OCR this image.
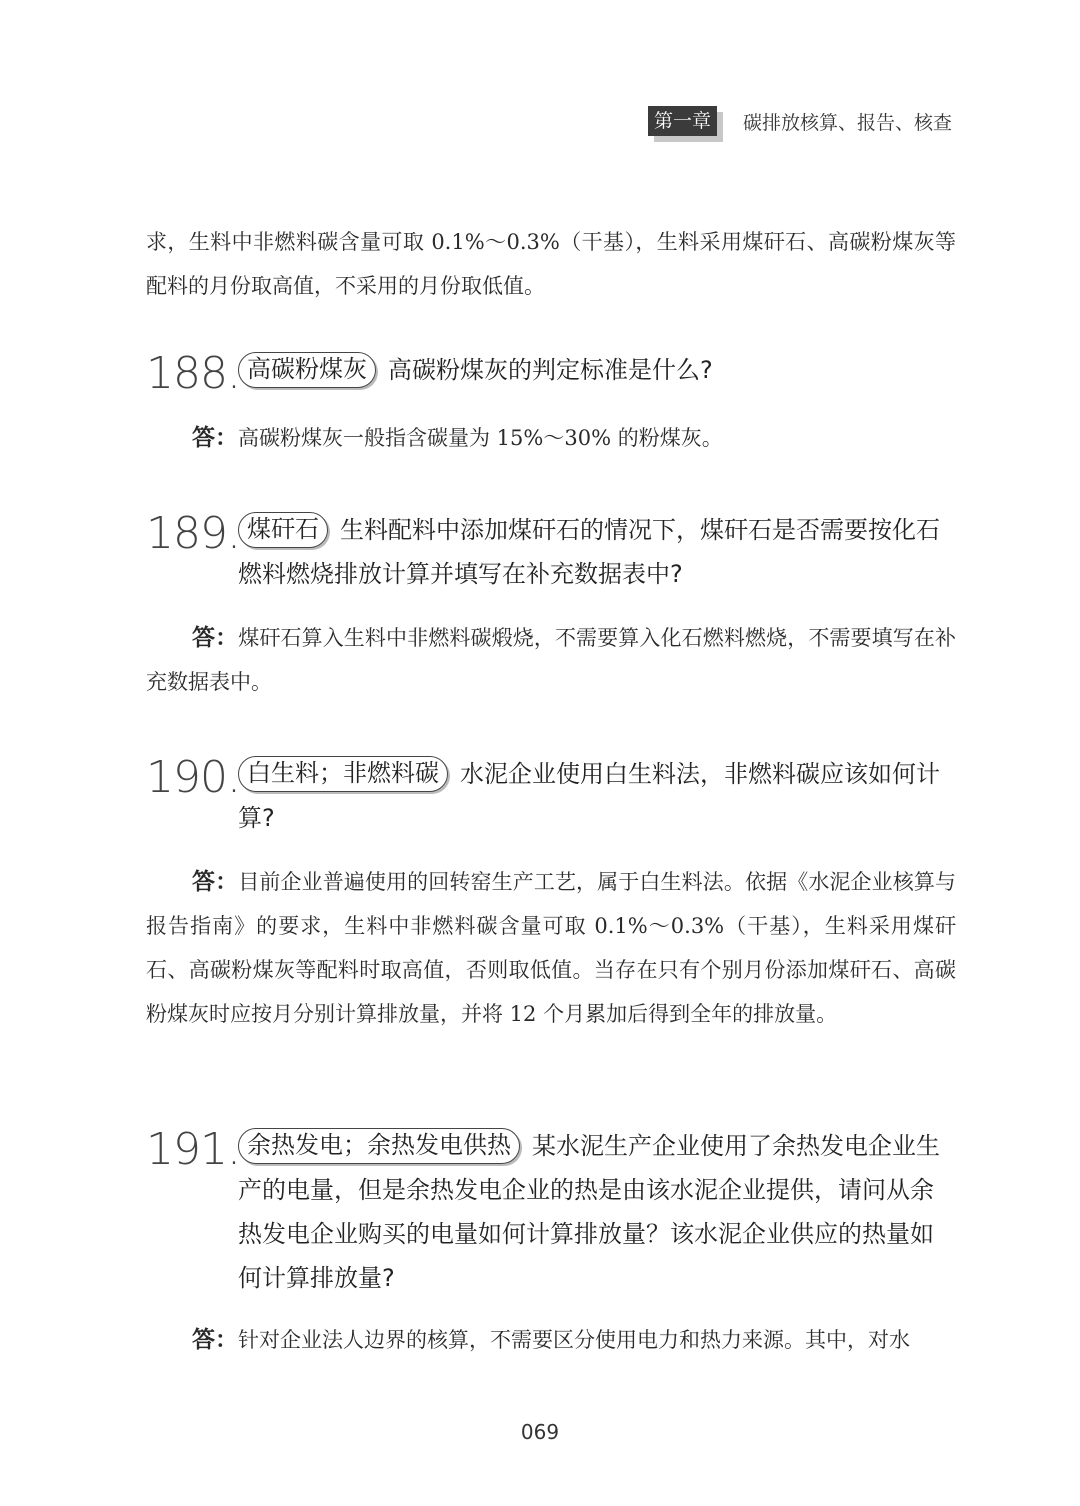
第一章	碳排放核算、报告、核查

求，生料中非燃料碳含量可取 0.1%～0.3%（干基），生料采用煤矸石、高碳粉煤灰等配料的月份取高值，不采用的月份取低值。

188. 高碳粉煤灰 高碳粉煤灰的判定标准是什么?

答：高碳粉煤灰一般指含碳量为 15%～30% 的粉煤灰。

189. 煤矸石 生料配料中添加煤矸石的情况下，煤矸石是否需要按化石燃料燃烧排放计算并填写在补充数据表中?

答：煤矸石算入生料中非燃料碳煅烧，不需要算入化石燃料燃烧，不需要填写在补充数据表中。

190. 白生料；非燃料碳 水泥企业使用白生料法，非燃料碳应该如何计算?

答：目前企业普遍使用的回转窑生产工艺，属于白生料法。依据《水泥企业核算与报告指南》的要求，生料中非燃料碳含量可取 0.1%～0.3%（干基），生料采用煤矸石、高碳粉煤灰等配料时取高值，否则取低值。当存在只有个别月份添加煤矸石、高碳粉煤灰时应按月分别计算排放量，并将 12 个月累加后得到全年的排放量。

191. 余热发电；余热发电供热 某水泥生产企业使用了余热发电企业生产的电量，但是余热发电企业的热是由该水泥企业提供，请问从余热发电企业购买的电量如何计算排放量？该水泥企业供应的热量如何计算排放量?

答：针对企业法人边界的核算，不需要区分使用电力和热力来源。其中，对水

069
